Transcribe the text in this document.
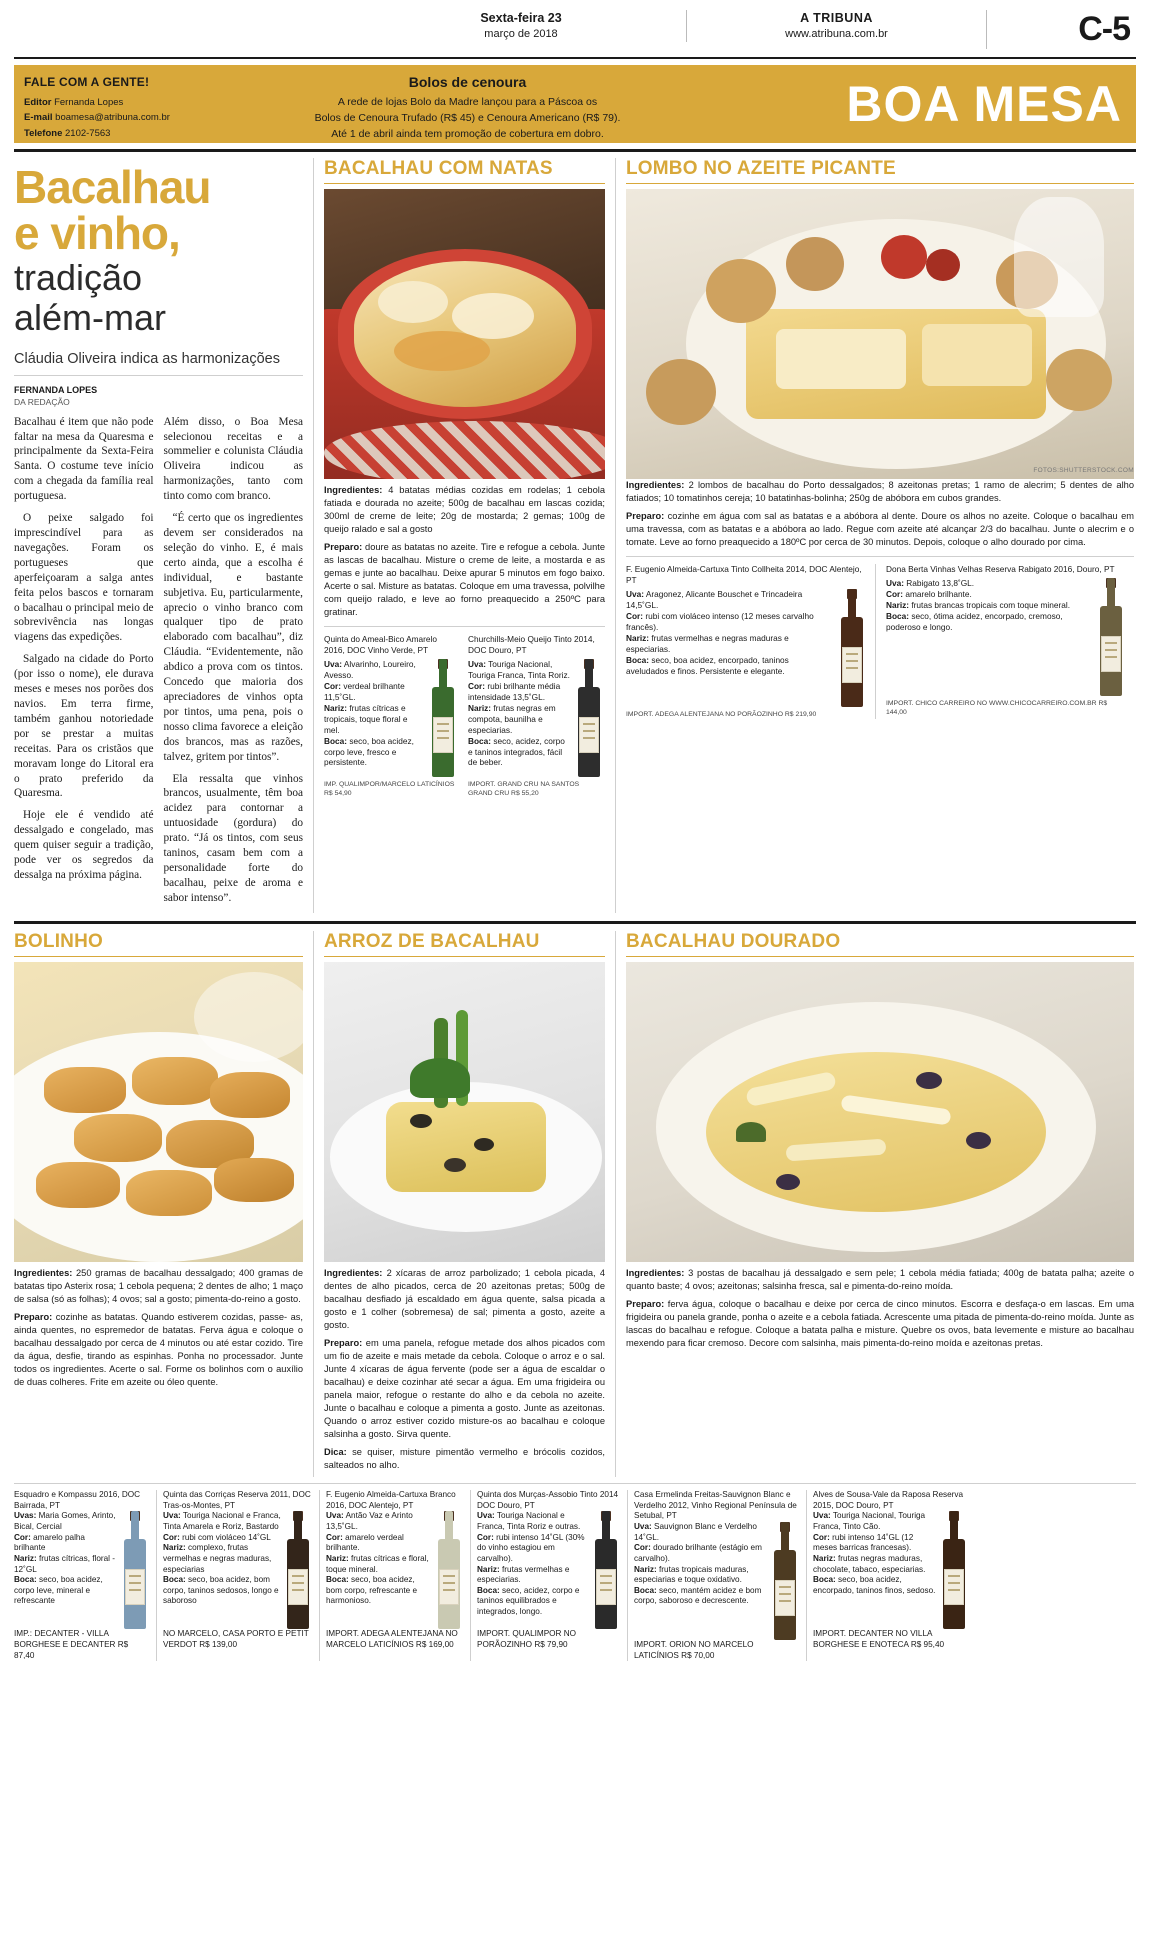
Sexta-feira 23
março de 2018
A TRIBUNA
www.atribuna.com.br	C-5
FALE COM A GENTE!
Editor Fernanda Lopes
E-mail boamesa@atribuna.com.br
Telefone 2102-7563
Bolos de cenoura
A rede de lojas Bolo da Madre lançou para a Páscoa os
Bolos de Cenoura Trufado (R$ 45) e Cenoura Americano (R$ 79).
Até 1 de abril ainda tem promoção de cobertura em dobro.
BOA MESA
Bacalhau
e vinho,
tradição
além-mar
Cláudia Oliveira indica as harmonizações
FERNANDA LOPES
DA REDAÇÃO

Bacalhau é item que não pode faltar na mesa da Quaresma e principalmente da Sexta-Feira Santa. O costume teve início com a chegada da família real portuguesa.

O peixe salgado foi imprescindível para as navegações. Foram os portugueses que aperfeiçoaram a salga antes feita pelos bascos e tornaram o bacalhau o principal meio de sobrevivência nas longas viagens das expedições.

Salgado na cidade do Porto (por isso o nome), ele durava meses e meses nos porões dos navios. Em terra firme, também ganhou notoriedade por se prestar a muitas receitas. Para os cristãos que moravam longe do Litoral era o prato preferido da Quaresma.

Hoje ele é vendido até dessalgado e congelado, mas quem quiser seguir a tradição, pode ver os segredos da dessalga na próxima página.

Além disso, o Boa Mesa selecionou receitas e a sommelier e colunista Cláudia Oliveira indicou as harmonizações, tanto com tinto como com branco.

“É certo que os ingredientes devem ser considerados na seleção do vinho. E, é mais certo ainda, que a escolha é individual, e bastante subjetiva. Eu, particularmente, aprecio o vinho branco com qualquer tipo de prato elaborado com bacalhau”, diz Cláudia. “Evidentemente, não abdico a prova com os tintos. Concedo que maioria dos apreciadores de vinhos opta por tintos, uma pena, pois o nosso clima favorece a eleição dos brancos, mas as razões, talvez, gritem por tintos”.

Ela ressalta que vinhos brancos, usualmente, têm boa acidez para contornar a untuosidade (gordura) do prato. “Já os tintos, com seus taninos, casam bem com a personalidade forte do bacalhau, peixe de aroma e sabor intenso”.

BACALHAU COM NATAS

Ingredientes: 4 batatas médias cozidas em rodelas; 1 cebola fatiada e dourada no azeite; 500g de bacalhau em lascas cozida; 300ml de creme de leite; 20g de mostarda; 2 gemas; 100g de queijo ralado e sal a gosto

Preparo: doure as batatas no azeite. Tire e refogue a cebola. Junte as lascas de bacalhau. Misture o creme de leite, a mostarda e as gemas e junte ao bacalhau. Deixe apurar 5 minutos em fogo baixo. Acerte o sal. Misture as batatas. Coloque em uma travessa, polvilhe com queijo ralado, e leve ao forno preaquecido a 250ºC para gratinar.

Quinta do Ameal-Bico Amarelo 2016, DOC Vinho Verde, PT
Uva: Alvarinho, Loureiro, Avesso.
Cor: verdeal brilhante 11,5˚GL.
Nariz: frutas cítricas e tropicais, toque floral e mel.
Boca: seco, boa acidez, corpo leve, fresco e persistente.
IMP. QUALIMPOR/MARCELO LATICÍNIOS R$ 54,90
Churchills-Meio Queijo Tinto 2014, DOC Douro, PT
Uva: Touriga Nacional, Touriga Franca, Tinta Roriz.
Cor: rubi brilhante média intensidade 13,5˚GL.
Nariz: frutas negras em compota, baunilha e especiarias.
Boca: seco, acidez, corpo e taninos integrados, fácil de beber.
IMPORT. GRAND CRU NA SANTOS GRAND CRU R$ 55,20
LOMBO NO AZEITE PICANTE
FOTOS:SHUTTERSTOCK.COM

Ingredientes: 2 lombos de bacalhau do Porto dessalgados; 8 azeitonas pretas; 1 ramo de alecrim; 5 dentes de alho fatiados; 10 tomatinhos cereja; 10 batatinhas-bolinha; 250g de abóbora em cubos grandes.

Preparo: cozinhe em água com sal as batatas e a abóbora al dente. Doure os alhos no azeite. Coloque o bacalhau em uma travessa, com as batatas e a abóbora ao lado. Regue com azeite até alcançar 2/3 do bacalhau. Junte o alecrim e o tomate. Leve ao forno preaquecido a 180ºC por cerca de 30 minutos. Depois, coloque o alho dourado por cima.

F. Eugenio Almeida-Cartuxa Tinto Collheita 2014, DOC Alentejo, PT
Uva: Aragonez, Alicante Bouschet e Trincadeira 14,5˚GL.
Cor: rubi com violáceo intenso (12 meses carvalho francês).
Nariz: frutas vermelhas e negras maduras e especiarias.
Boca: seco, boa acidez, encorpado, taninos aveludados e finos. Persistente e elegante.
IMPORT. ADEGA ALENTEJANA NO PORÃOZINHO R$ 219,90
Dona Berta Vinhas Velhas Reserva Rabigato 2016, Douro, PT
Uva: Rabigato 13,8˚GL.
Cor: amarelo brilhante.
Nariz: frutas brancas tropicais com toque mineral.
Boca: seco, ótima acidez, encorpado, cremoso, poderoso e longo.
IMPORT. CHICO CARREIRO NO WWW.CHICOCARREIRO.COM.BR R$ 144,00
BOLINHO

Ingredientes: 250 gramas de bacalhau dessalgado; 400 gramas de batatas tipo Asterix rosa; 1 cebola pequena; 2 dentes de alho; 1 maço de salsa (só as folhas); 4 ovos; sal a gosto; pimenta-do-reino a gosto.

Preparo: cozinhe as batatas. Quando estiverem cozidas, passe- as, ainda quentes, no espremedor de batatas. Ferva água e coloque o bacalhau dessalgado por cerca de 4 minutos ou até estar cozido. Tire da água, desfie, tirando as espinhas. Ponha no processador. Junte todos os ingredientes. Acerte o sal. Forme os bolinhos com o auxílio de duas colheres. Frite em azeite ou óleo quente.

ARROZ DE BACALHAU

Ingredientes: 2 xícaras de arroz parbolizado; 1 cebola picada, 4 dentes de alho picados, cerca de 20 azeitonas pretas; 500g de bacalhau desfiado já escaldado em água quente, salsa picada a gosto e 1 colher (sobremesa) de sal; pimenta a gosto, azeite a gosto.

Preparo: em uma panela, refogue metade dos alhos picados com um fio de azeite e mais metade da cebola. Coloque o arroz e o sal. Junte 4 xícaras de água fervente (pode ser a água de escaldar o bacalhau) e deixe cozinhar até secar a água. Em uma frigideira ou panela maior, refogue o restante do alho e da cebola no azeite. Junte o bacalhau e coloque a pimenta a gosto. Junte as azeitonas. Quando o arroz estiver cozido misture-os ao bacalhau e coloque salsinha a gosto. Sirva quente.

Dica: se quiser, misture pimentão vermelho e brócolis cozidos, salteados no alho.

BACALHAU DOURADO

Ingredientes: 3 postas de bacalhau já dessalgado e sem pele; 1 cebola média fatiada; 400g de batata palha; azeite o quanto baste; 4 ovos; azeitonas; salsinha fresca, sal e pimenta-do-reino moída.

Preparo: ferva água, coloque o bacalhau e deixe por cerca de cinco minutos. Escorra e desfaça-o em lascas. Em uma frigideira ou panela grande, ponha o azeite e a cebola fatiada. Acrescente uma pitada de pimenta-do-reino moída. Junte as lascas do bacalhau e refogue. Coloque a batata palha e misture. Quebre os ovos, bata levemente e misture ao bacalhau mexendo para ficar cremoso. Decore com salsinha, mais pimenta-do-reino moída e azeitonas pretas.

Esquadro e Kompassu 2016, DOC Bairrada, PT
Uvas: Maria Gomes, Arinto, Bical, Cercial
Cor: amarelo palha brilhante
Nariz: frutas cítricas, floral - 12˚GL
Boca: seco, boa acidez, corpo leve, mineral e refrescante
IMP.: DECANTER - VILLA BORGHESE E DECANTER R$ 87,40
Quinta das Corriças Reserva 2011, DOC Tras-os-Montes, PT
Uva: Touriga Nacional e Franca, Tinta Amarela e Roriz, Bastardo
Cor: rubi com violáceo 14˚GL
Nariz: complexo, frutas vermelhas e negras maduras, especiarias
Boca: seco, boa acidez, bom corpo, taninos sedosos, longo e saboroso
NO MARCELO, CASA PORTO E PETIT VERDOT R$ 139,00
F. Eugenio Almeida-Cartuxa Branco 2016, DOC Alentejo, PT
Uva: Antão Vaz e Arinto 13,5˚GL.
Cor: amarelo verdeal brilhante.
Nariz: frutas cítricas e floral, toque mineral.
Boca: seco, boa acidez, bom corpo, refrescante e harmonioso.
IMPORT. ADEGA ALENTEJANA NO MARCELO LATICÍNIOS R$ 169,00
Quinta dos Murças-Assobio Tinto 2014 DOC Douro, PT
Uva: Touriga Nacional e Franca, Tinta Roriz e outras.
Cor: rubi intenso 14˚GL (30% do vinho estagiou em carvalho).
Nariz: frutas vermelhas e especiarias.
Boca: seco, acidez, corpo e taninos equilibrados e integrados, longo.
IMPORT. QUALIMPOR NO PORÃOZINHO R$ 79,90
Casa Ermelinda Freitas-Sauvignon Blanc e Verdelho 2012, Vinho Regional Península de Setubal, PT
Uva: Sauvignon Blanc e Verdelho 14˚GL.
Cor: dourado brilhante (estágio em carvalho).
Nariz: frutas tropicais maduras, especiarias e toque oxidativo.
Boca: seco, mantém acidez e bom corpo, saboroso e decrescente.
IMPORT. ORION NO MARCELO LATICÍNIOS R$ 70,00
Alves de Sousa-Vale da Raposa Reserva 2015, DOC Douro, PT
Uva: Touriga Nacional, Touriga Franca, Tinto Cão.
Cor: rubi intenso 14˚GL (12 meses barricas francesas).
Nariz: frutas negras maduras, chocolate, tabaco, especiarias.
Boca: seco, boa acidez, encorpado, taninos finos, sedoso.
IMPORT. DECANTER NO VILLA BORGHESE E ENOTECA R$ 95,40
